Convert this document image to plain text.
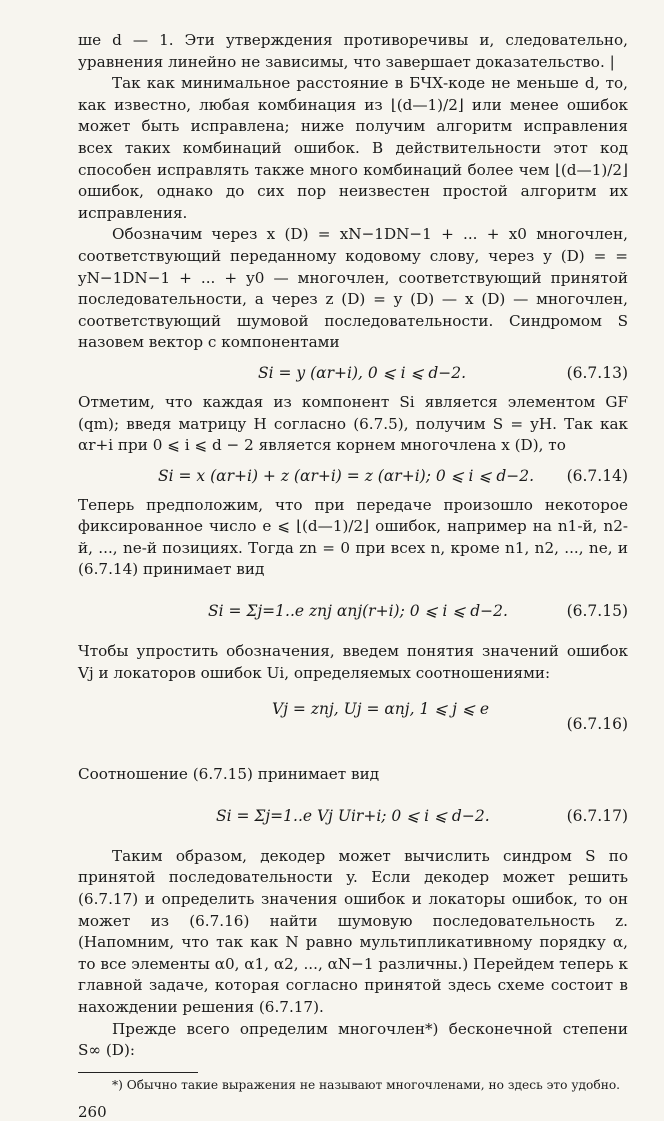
ше d — 1. Эти утверждения противоречивы и, следовательно, уравнения линейно не зависимы, что завершает доказательство. |

Так как минимальное расстояние в БЧХ-коде не меньше d, то, как известно, любая комбинация из ⌊(d—1)/2⌋ или менее ошибок может быть исправлена; ниже получим алгоритм исправления всех таких комбинаций ошибок. В действительности этот код способен исправлять также много комбинаций более чем ⌊(d—1)/2⌋ ошибок, однако до сих пор неизвестен простой алгоритм их исправления.

Обозначим через x (D) = xN−1DN−1 + ... + x0 многочлен, соответствующий переданному кодовому слову, через y (D) = = yN−1DN−1 + ... + y0 — многочлен, соответствующий принятой последовательности, а через z (D) = y (D) — x (D) — многочлен, соответствующий шумовой последовательности. Синдромом S назовем вектор с компонентами

Si = y (αr+i), 0 ⩽ i ⩽ d−2.	(6.7.13)

Отметим, что каждая из компонент Si является элементом GF (qm); введя матрицу H согласно (6.7.5), получим S = yH. Так как αr+i при 0 ⩽ i ⩽ d − 2 является корнем многочлена x (D), то

Si = x (αr+i) + z (αr+i) = z (αr+i); 0 ⩽ i ⩽ d−2. (6.7.14)

Теперь предположим, что при передаче произошло некоторое фиксированное число e ⩽ ⌊(d—1)/2⌋ ошибок, например на n1-й, n2-й, ..., ne-й позициях. Тогда zn = 0 при всех n, кроме n1, n2, ..., ne, и (6.7.14) принимает вид

Si = Σj=1..e znj αnj(r+i); 0 ⩽ i ⩽ d−2.	(6.7.15)

Чтобы упростить обозначения, введем понятия значений ошибок Vj и локаторов ошибок Ui, определяемых соотношениями:

Vj = znj, Uj = αnj, 1 ⩽ j ⩽ e
(6.7.16)

Соотношение (6.7.15) принимает вид

Si = Σj=1..e Vj Uir+i; 0 ⩽ i ⩽ d−2.	(6.7.17)

Таким образом, декодер может вычислить синдром S по принятой последовательности y. Если декодер может решить (6.7.17) и определить значения ошибок и локаторы ошибок, то он может из (6.7.16) найти шумовую последовательность z. (Напомним, что так как N равно мультипликативному порядку α, то все элементы α0, α1, α2, ..., αN−1 различны.) Перейдем теперь к главной задаче, которая согласно принятой здесь схеме состоит в нахождении решения (6.7.17).

Прежде всего определим многочлен*) бесконечной степени S∞ (D):

*) Обычно такие выражения не называют многочленами, но здесь это удобно.

260
